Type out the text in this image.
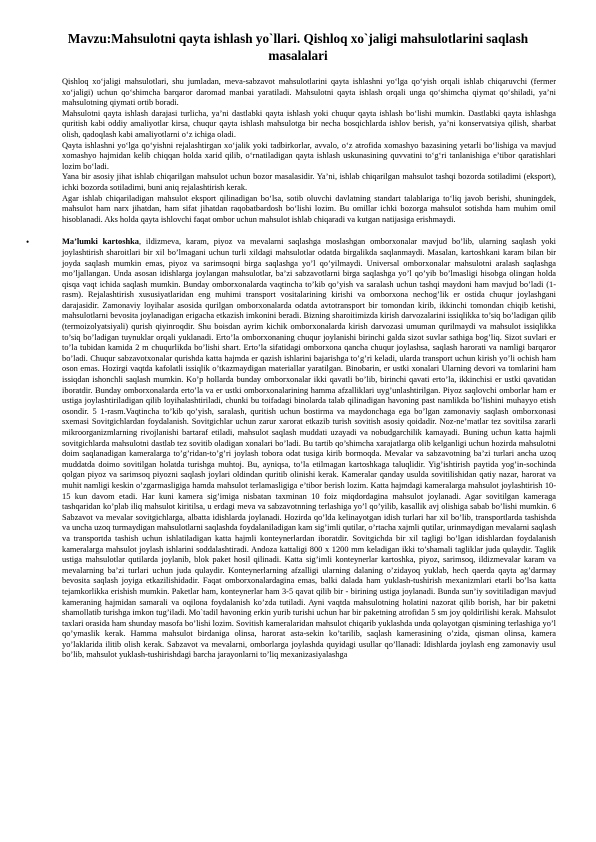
Mavzu:Mahsulotni qayta ishlash yo`llari. Qishloq xo`jaligi mahsulotlarini saqlash masalalari

Qishloq xo‘jaligi mahsulotlari, shu jumladan, meva-sabzavot mahsulotlarini qayta ishlashni yo‘lga qo‘yish orqali ishlab chiqaruvchi (fermer xo‘jaligi) uchun qo‘shimcha barqaror daromad manbai yaratiladi. Mahsulotni qayta ishlash orqali unga qo‘shimcha qiymat qo‘shiladi, ya’ni mahsulotning qiymati ortib boradi.

Mahsulotni qayta ishlash darajasi turlicha, ya’ni dastlabki qayta ishlash yoki chuqur qayta ishlash bo‘lishi mumkin. Dastlabki qayta ishlashga quritish kabi oddiy amaliyotlar kirsa, chuqur qayta ishlash mahsulotga bir necha bosqichlarda ishlov berish, ya’ni konservatsiya qilish, sharbat olish, qadoqlash kabi amaliyotlarni o‘z ichiga oladi.

Qayta ishlashni yo‘lga qo‘yishni rejalashtirgan xo‘jalik yoki tadbirkorlar, avvalo, o‘z atrofida xomashyo bazasining yetarli bo‘lishiga va mavjud xomashyo hajmidan kelib chiqqan holda xarid qilib, o‘rnatiladigan qayta ishlash uskunasining quvvatini to‘g‘ri tanlanishiga e’tibor qaratishlari lozim bo‘ladi.

Yana bir asosiy jihat ishlab chiqarilgan mahsulot uchun bozor masalasidir. Ya’ni, ishlab chiqarilgan mahsulot tashqi bozorda sotiladimi (eksport), ichki bozorda sotiladimi, buni aniq rejalashtirish kerak.

Agar ishlab chiqariladigan mahsulot eksport qilinadigan bo‘lsa, sotib oluvchi davlatning standart talablariga to‘liq javob berishi, shuningdek, mahsulot ham narx jihatdan, ham sifat jihatdan raqobatbardosh bo‘lishi lozim. Bu omillar ichki bozorga mahsulot sotishda ham muhim omil hisoblanadi. Aks holda qayta ishlovchi faqat ombor uchun mahsulot ishlab chiqaradi va kutgan natijasiga erishmaydi.

•	Ma’lumki kartoshka, ildizmeva, karam, piyoz va mevalarni saqlashga moslashgan omborxonalar mavjud bo’lib, ularning saqlash yoki joylashtirish sharoitlari bir xil bo’lmagani uchun turli xildagi mahsulotlar odatda birgalikda saqlanmaydi. Masalan, kartoshkani karam bilan bir joyda saqlash mumkin emas, piyoz va sarimsoqni birga saqlashga yo’l qo’yilmaydi. Universal omborxonalar mahsulotni aralash saqlashga mo’ljallangan. Unda asosan idishlarga joylangan mahsulotlar, ba’zi sabzavotlarni birga saqlashga yo’l qo’yib bo’lmasligi hisobga olingan holda qisqa vaqt ichida saqlash mumkin. Bunday omborxonalarda vaqtincha to’kib qo’yish va saralash uchun tashqi maydoni ham mavjud bo’ladi (1-rasm). Rejalashtirish xususiyatlaridan eng muhimi transport vositalarining kirishi va omborxona nechog’lik er ostida chuqur joylashgani darajasidir. Zamonaviy loyihalar asosida qurilgan omborxonalarda odatda avtotransport bir tomondan kirib, ikkinchi tomondan chiqib ketishi, mahsulotlarni bevosita joylanadigan erigacha etkazish imkonini beradi. Bizning sharoitimizda kirish darvozalarini issiqlikka to’siq bo’ladigan qilib (termoizolyatsiyali) qurish qiyinroqdir. Shu boisdan ayrim kichik omborxonalarda kirish darvozasi umuman qurilmaydi va mahsulot issiqlikka to’siq bo’ladigan tuynuklar orqali yuklanadi. Erto’la omborxonaning chuqur joylanishi birinchi galda sizot suvlar sathiga bog’liq. Sizot suvlari er to’la tubidan kamida 2 m chuqurlikda bo’lishi shart. Erto’la sifatidagi omborxona qancha chuqur joylashsa, saqlash harorati va namligi barqaror bo’ladi. Chuqur sabzavotxonalar qurishda katta hajmda er qazish ishlarini bajarishga to’g’ri keladi, ularda transport uchun kirish yo’li ochish ham oson emas. Hozirgi vaqtda kafolatli issiqlik o’tkazmaydigan materiallar yaratilgan. Binobarin, er ustki xonalari Ularning devori va tomlarini ham issiqdan ishonchli saqlash mumkin. Ko’p hollarda bunday omborxonalar ikki qavatli bo’lib, birinchi qavati erto’la, ikkinchisi er ustki qavatidan iboratdir. Bunday omborxonalarda erto’la va er ustki omborxonalarining hamma afzalliklari uyg’unlashtirilgan. Piyoz saqlovchi omborlar ham er ustiga joylashtiriladigan qilib loyihalashtiriladi, chunki bu toifadagi binolarda talab qilinadigan havoning past namlikda bo’lishini muhayyo etish osondir. 5 1-rasm.Vaqtincha to’kib qo’yish, saralash, quritish uchun bostirma va maydonchaga ega bo’lgan zamonaviy saqlash omborxonasi sxemasi Sovitgichlardan foydalanish. Sovitgichlar uchun zarur xarorat etkazib turish sovitish asosiy qoidadir. Noz-ne’matlar tez sovitilsa zararli mikroorganizmlarning rivojlanishi bartaraf etiladi, mahsulot saqlash muddati uzayadi va nobudgarchilik kamayadi. Buning uchun katta hajmli sovitgichlarda mahsulotni dastlab tez sovitib oladigan xonalari bo’ladi. Bu tartib qo’shimcha xarajatlarga olib kelganligi uchun hozirda mahsulotni doim saqlanadigan kameralarga to’g’ridan-to’g’ri joylash tobora odat tusiga kirib bormoqda. Mevalar va sabzavotning ba’zi turlari ancha uzoq muddatda doimo sovitilgan holatda turishga muhtoj. Bu, ayniqsa, to’la etilmagan kartoshkaga taluqlidir. Yig’ishtirish paytida yog’in-sochinda qolgan piyoz va sarimsoq piyozni saqlash joylari oldindan quritib olinishi kerak. Kameralar qanday usulda sovitilishidan qatiy nazar, harorat va muhit namligi keskin o’zgarmasligiga hamda mahsulot terlamasligiga e’tibor berish lozim. Katta hajmdagi kameralarga mahsulot joylashtirish 10-15 kun davom etadi. Har kuni kamera sig’imiga nisbatan taxminan 10 foiz miqdordagina mahsulot joylanadi. Agar sovitilgan kameraga tashqaridan ko’plab iliq mahsulot kiritilsa, u erdagi meva va sabzavotnning terlashiga yo’l qo’yilib, kasallik avj olishiga sabab bo’lishi mumkin. 6 Sabzavot va mevalar sovitgichlarga, albatta idishlarda joylanadi. Hozirda qo’lda kelinayotgan idish turlari har xil bo’lib, transportlarda tashishda va uncha uzoq turmaydigan mahsulotlarni saqlashda foydalaniladigan kam sig’imli qutilar, o’rtacha xajmli qutilar, urinmaydigan mevalarni saqlash va transportda tashish uchun ishlatiladigan katta hajmli konteynerlardan iboratdir. Sovitgichda bir xil tagligi bo’lgan idishlardan foydalanish kameralarga mahsulot joylash ishlarini soddalashtiradi. Andoza kattaligi 800 x 1200 mm keladigan ikki to’shamali tagliklar juda qulaydir. Taglik ustiga mahsulotlar qutilarda joylanib, blok paket hosil qilinadi. Katta sig’imli konteynerlar kartoshka, piyoz, sarimsoq, ildizmevalar karam va mevalarning ba’zi turlari uchun juda qulaydir. Konteynerlarning afzalligi ularning dalaning o’zidayoq yuklab, hech qaerda qayta ag’darmay bevosita saqlash joyiga etkazilishidadir. Faqat omborxonalardagina emas, balki dalada ham yuklash-tushirish mexanizmlari etarli bo’lsa katta tejamkorlikka erishish mumkin. Paketlar ham, konteynerlar ham 3-5 qavat qilib bir - birining ustiga joylanadi. Bunda sun’iy sovitiladigan mavjud kameraning hajmidan samarali va oqilona foydalanish ko’zda tutiladi. Ayni vaqtda mahsulotning holatini nazorat qilib borish, har bir paketni shamollatib turishga imkon tug’iladi. Mo`tadil havoning erkin yurib turishi uchun har bir paketning atrofidan 5 sm joy qoldirilishi kerak. Mahsulot taxlari orasida ham shunday masofa bo’lishi lozim. Sovitish kameralaridan mahsulot chiqarib yuklashda unda qolayotgan qismining terlashiga yo’l qo’ymaslik kerak. Hamma mahsulot birdaniga olinsa, harorat asta-sekin ko’tarilib, saqlash kamerasining o’zida, qisman olinsa, kamera yo’laklarida ilitib olish kerak. Sabzavot va mevalarni, omborlarga joylashda quyidagi usullar qo’llanadi: Idishlarda joylash eng zamonaviy usul bo’lib, mahsulot yuklash-tushirishdagi barcha jarayonlarni to’liq mexanizasiyalashga
